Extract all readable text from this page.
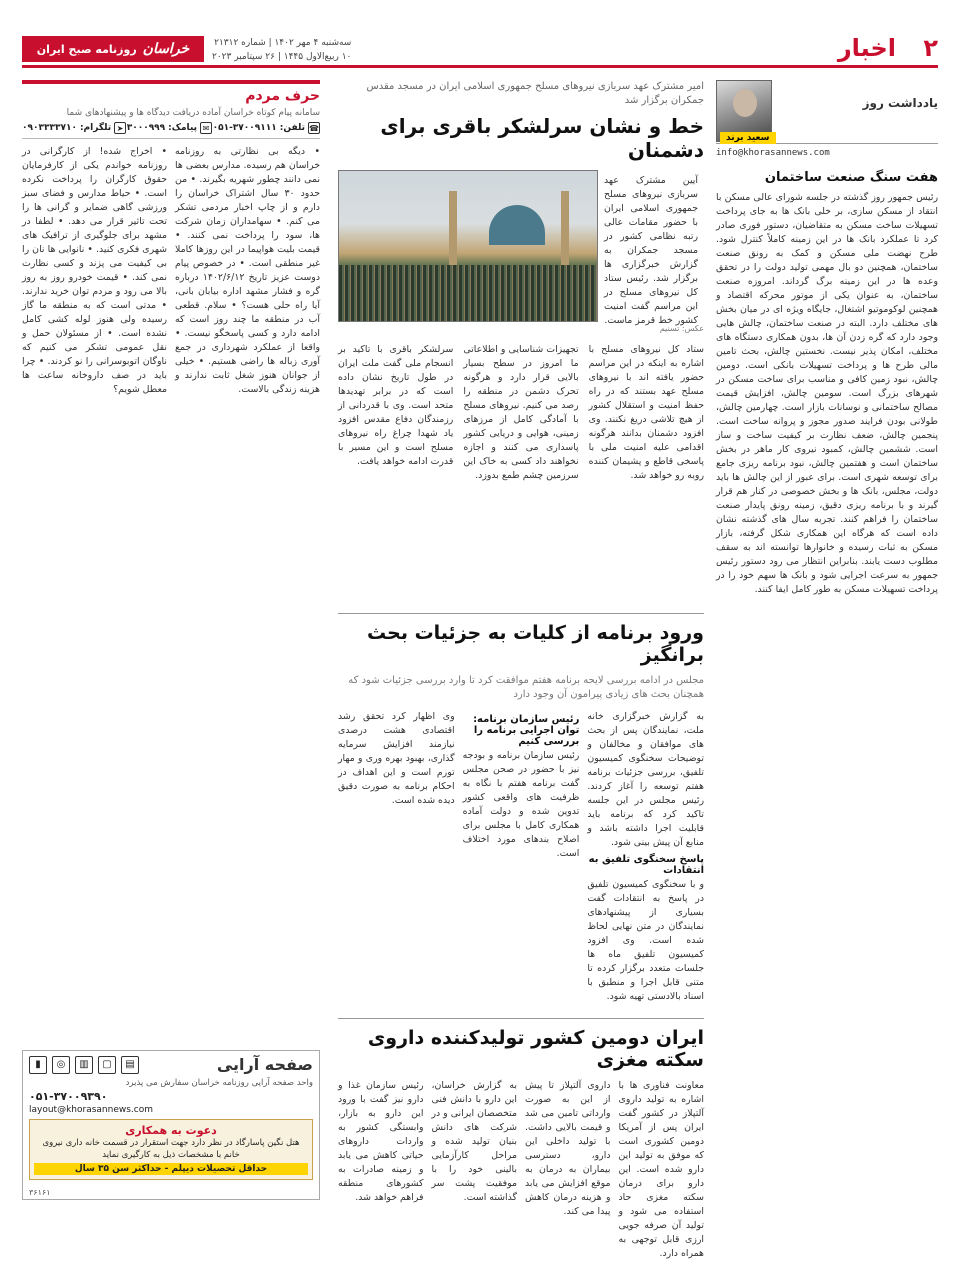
۲
اخبار
سه‌شنبه ۴ مهر ۱۴۰۲ | شماره ۲۱۳۱۲
۱۰ ربیع‌الاول ۱۴۴۵ | ۲۶ سپتامبر ۲۰۲۳
خراسان
روزنامه صبح ایران
یادداشت روز
سعید برند
info@khorasannews.com
هفت سنگ صنعت ساختمان
رئیس جمهور روز گذشته در جلسه شورای عالی مسکن با انتقاد از مسکن سازی، بر خلی بانک ها به جای پرداخت تسهیلات ساخت مسکن به متقاضیان، دستور فوری صادر کرد تا عملکرد بانک ها در این زمینه کاملاً کنترل شود. طرح نهضت ملی مسکن و کمک به رونق صنعت ساختمان، همچنین دو بال مهمی تولید دولت را در تحقق وعده ها در این زمینه برگ گرداند. امروزه صنعت ساختمان، به عنوان یکی از موتور محرکه اقتصاد و همچنین لوکوموتیو اشتغال، جایگاه ویژه ای در میان بخش های مختلف دارد. البته در صنعت ساختمان، چالش هایی وجود دارد که گره زدن آن ها، بدون همکاری دستگاه های مختلف، امکان پذیر نیست. نخستین چالش، بحث تامین مالی طرح ها و پرداخت تسهیلات بانکی است. دومین چالش، نبود زمین کافی و مناسب برای ساخت مسکن در شهرهای بزرگ است. سومین چالش، افزایش قیمت مصالح ساختمانی و نوسانات بازار است. چهارمین چالش، طولانی بودن فرایند صدور مجوز و پروانه ساخت است. پنجمین چالش، ضعف نظارت بر کیفیت ساخت و ساز است. ششمین چالش، کمبود نیروی کار ماهر در بخش ساختمان است و هفتمین چالش، نبود برنامه ریزی جامع برای توسعه شهری است. برای عبور از این چالش ها باید دولت، مجلس، بانک ها و بخش خصوصی در کنار هم قرار گیرند و با برنامه ریزی دقیق، زمینه رونق پایدار صنعت ساختمان را فراهم کنند. تجربه سال های گذشته نشان داده است که هرگاه این همکاری شکل گرفته، بازار مسکن به ثبات رسیده و خانوارها توانسته اند به سقف مطلوب دست یابند. بنابراین انتظار می رود دستور رئیس جمهور به سرعت اجرایی شود و بانک ها سهم خود را در پرداخت تسهیلات مسکن به طور کامل ایفا کنند.
امیر مشترک عهد سربازی نیروهای مسلح جمهوری اسلامی ایران در مسجد مقدس جمکران برگزار شد
خط و نشان سرلشکر باقری برای دشمنان
آیین مشترک عهد سربازی نیروهای مسلح جمهوری اسلامی ایران با حضور مقامات عالی رتبه نظامی کشور در مسجد جمکران به گزارش خبرگزاری ها برگزار شد. رئیس ستاد کل نیروهای مسلح در این مراسم گفت امنیت کشور خط قرمز ماست.
عکس: تسنیم
ستاد کل نیروهای مسلح با اشاره به اینکه در این مراسم حضور یافته اند با نیروهای مسلح عهد بستند که در راه حفظ امنیت و استقلال کشور از هیچ تلاشی دریغ نکنند. وی افزود دشمنان بدانند هرگونه اقدامی علیه امنیت ملی با پاسخی قاطع و پشیمان کننده روبه رو خواهد شد.
تجهیزات شناسایی و اطلاعاتی ما امروز در سطح بسیار بالایی قرار دارد و هرگونه تحرک دشمن در منطقه را رصد می کنیم. نیروهای مسلح با آمادگی کامل از مرزهای زمینی، هوایی و دریایی کشور پاسداری می کنند و اجازه نخواهند داد کسی به خاک این سرزمین چشم طمع بدوزد.
سرلشکر باقری با تاکید بر انسجام ملی گفت ملت ایران در طول تاریخ نشان داده است که در برابر تهدیدها متحد است. وی با قدردانی از رزمندگان دفاع مقدس افزود یاد شهدا چراغ راه نیروهای مسلح است و این مسیر با قدرت ادامه خواهد یافت.
ورود برنامه از کلیات به جزئیات بحث برانگیز
مجلس در ادامه بررسی لایحه برنامه هفتم موافقت کرد تا وارد بررسی جزئیات شود که همچنان بحث های زیادی پیرامون آن وجود دارد
به گزارش خبرگزاری خانه ملت، نمایندگان پس از بحث های موافقان و مخالفان و توضیحات سخنگوی کمیسیون تلفیق، بررسی جزئیات برنامه هفتم توسعه را آغاز کردند. رئیس مجلس در این جلسه تاکید کرد که برنامه باید قابلیت اجرا داشته باشد و منابع آن پیش بینی شود.
پاسخ سخنگوی تلفیق به انتقادات
و با سخنگوی کمیسیون تلفیق در پاسخ به انتقادات گفت بسیاری از پیشنهادهای نمایندگان در متن نهایی لحاظ شده است. وی افزود کمیسیون تلفیق ماه ها جلسات متعدد برگزار کرده تا متنی قابل اجرا و منطبق با اسناد بالادستی تهیه شود.
رئیس سازمان برنامه: توان اجرایی برنامه را بررسی کنیم
رئیس سازمان برنامه و بودجه نیز با حضور در صحن مجلس گفت برنامه هفتم با نگاه به ظرفیت های واقعی کشور تدوین شده و دولت آماده همکاری کامل با مجلس برای اصلاح بندهای مورد اختلاف است.
وی اظهار کرد تحقق رشد اقتصادی هشت درصدی نیازمند افزایش سرمایه گذاری، بهبود بهره وری و مهار تورم است و این اهداف در احکام برنامه به صورت دقیق دیده شده است.
ایران دومین کشور تولیدکننده داروی سکته مغزی
معاونت فناوری ها با اشاره به تولید داروی آلتپلاز در کشور گفت ایران پس از آمریکا دومین کشوری است که موفق به تولید این دارو شده است. این دارو برای درمان سکته مغزی حاد استفاده می شود و تولید آن صرفه جویی ارزی قابل توجهی به همراه دارد.
داروی آلتپلاز تا پیش از این به صورت وارداتی تامین می شد و قیمت بالایی داشت. با تولید داخلی این دارو، دسترسی بیماران به درمان به موقع افزایش می یابد و هزینه درمان کاهش پیدا می کند.
به گزارش خراسان، این دارو با دانش فنی متخصصان ایرانی و در شرکت های دانش بنیان تولید شده و مراحل کارآزمایی بالینی خود را با موفقیت پشت سر گذاشته است.
رئیس سازمان غذا و دارو نیز گفت با ورود این دارو به بازار، وابستگی کشور به واردات داروهای حیاتی کاهش می یابد و زمینه صادرات به کشورهای منطقه فراهم خواهد شد.
حرف مردم
سامانه پیام کوتاه خراسان آماده دریافت دیدگاه ها و پیشنهادهای شما
☎
تلفن:
۰۵۱-۳۷۰۰۹۱۱۱
✉
پیامک:
۳۰۰۰۹۹۹
➤
تلگرام:
۰۹۰۳۳۳۳۷۱۰
• دیگه بی نظارتی به روزنامه خراسان هم رسیده. مدارس بعضی ها نمی دانند چطور شهریه بگیرند. • من حدود ۳۰ سال اشتراک خراسان را دارم و از چاپ اخبار مردمی تشکر می کنم. • سهامداران زمان شرکت ها، سود را پرداخت نمی کنند. • قیمت بلیت هواپیما در این روزها کاملا غیر منطقی است. • در خصوص پیام دوست عزیز تاریخ ۱۴۰۲/۶/۱۲ درباره گره و فشار مشهد اداره بیابان بانی، آیا راه حلی هست؟ • سلام. قطعی آب در منطقه ما چند روز است که ادامه دارد و کسی پاسخگو نیست. • واقعا از عملکرد شهرداری در جمع آوری زباله ها راضی هستیم. • خیلی از جوانان هنوز شغل ثابت ندارند و هزینه زندگی بالاست.
• اخراج شده! از کارگرانی در روزنامه خواندم یکی از کارفرمایان حقوق کارگران را پرداخت نکرده است. • حیاط مدارس و فضای سبز ورزشی گاهی ضمایر و گرانی ها را تحت تاثیر قرار می دهد. • لطفا در مشهد برای جلوگیری از ترافیک های شهری فکری کنید. • نانوایی ها نان را بی کیفیت می پزند و کسی نظارت نمی کند. • قیمت خودرو روز به روز بالا می رود و مردم توان خرید ندارند. • مدتی است که به منطقه ما گاز رسیده ولی هنوز لوله کشی کامل نشده است. • از مسئولان حمل و نقل عمومی تشکر می کنیم که ناوگان اتوبوسرانی را نو کردند. • چرا باید در صف داروخانه ساعت ها معطل شویم؟
صفحه آرایی
▤
▢
▥
◎
▮
واحد صفحه آرایی روزنامه خراسان سفارش می پذیرد
۰۵۱-۳۷۰۰۹۳۹۰
layout@khorasannews.com
دعوت به همکاری
هتل نگین پاسارگاد در نظر دارد جهت استقرار در قسمت خانه داری نیروی خانم با مشخصات ذیل به کارگیری نماید
حداقل تحصیلات دیپلم - حداکثر سن ۳۵ سال
۳۶۱۶۱
